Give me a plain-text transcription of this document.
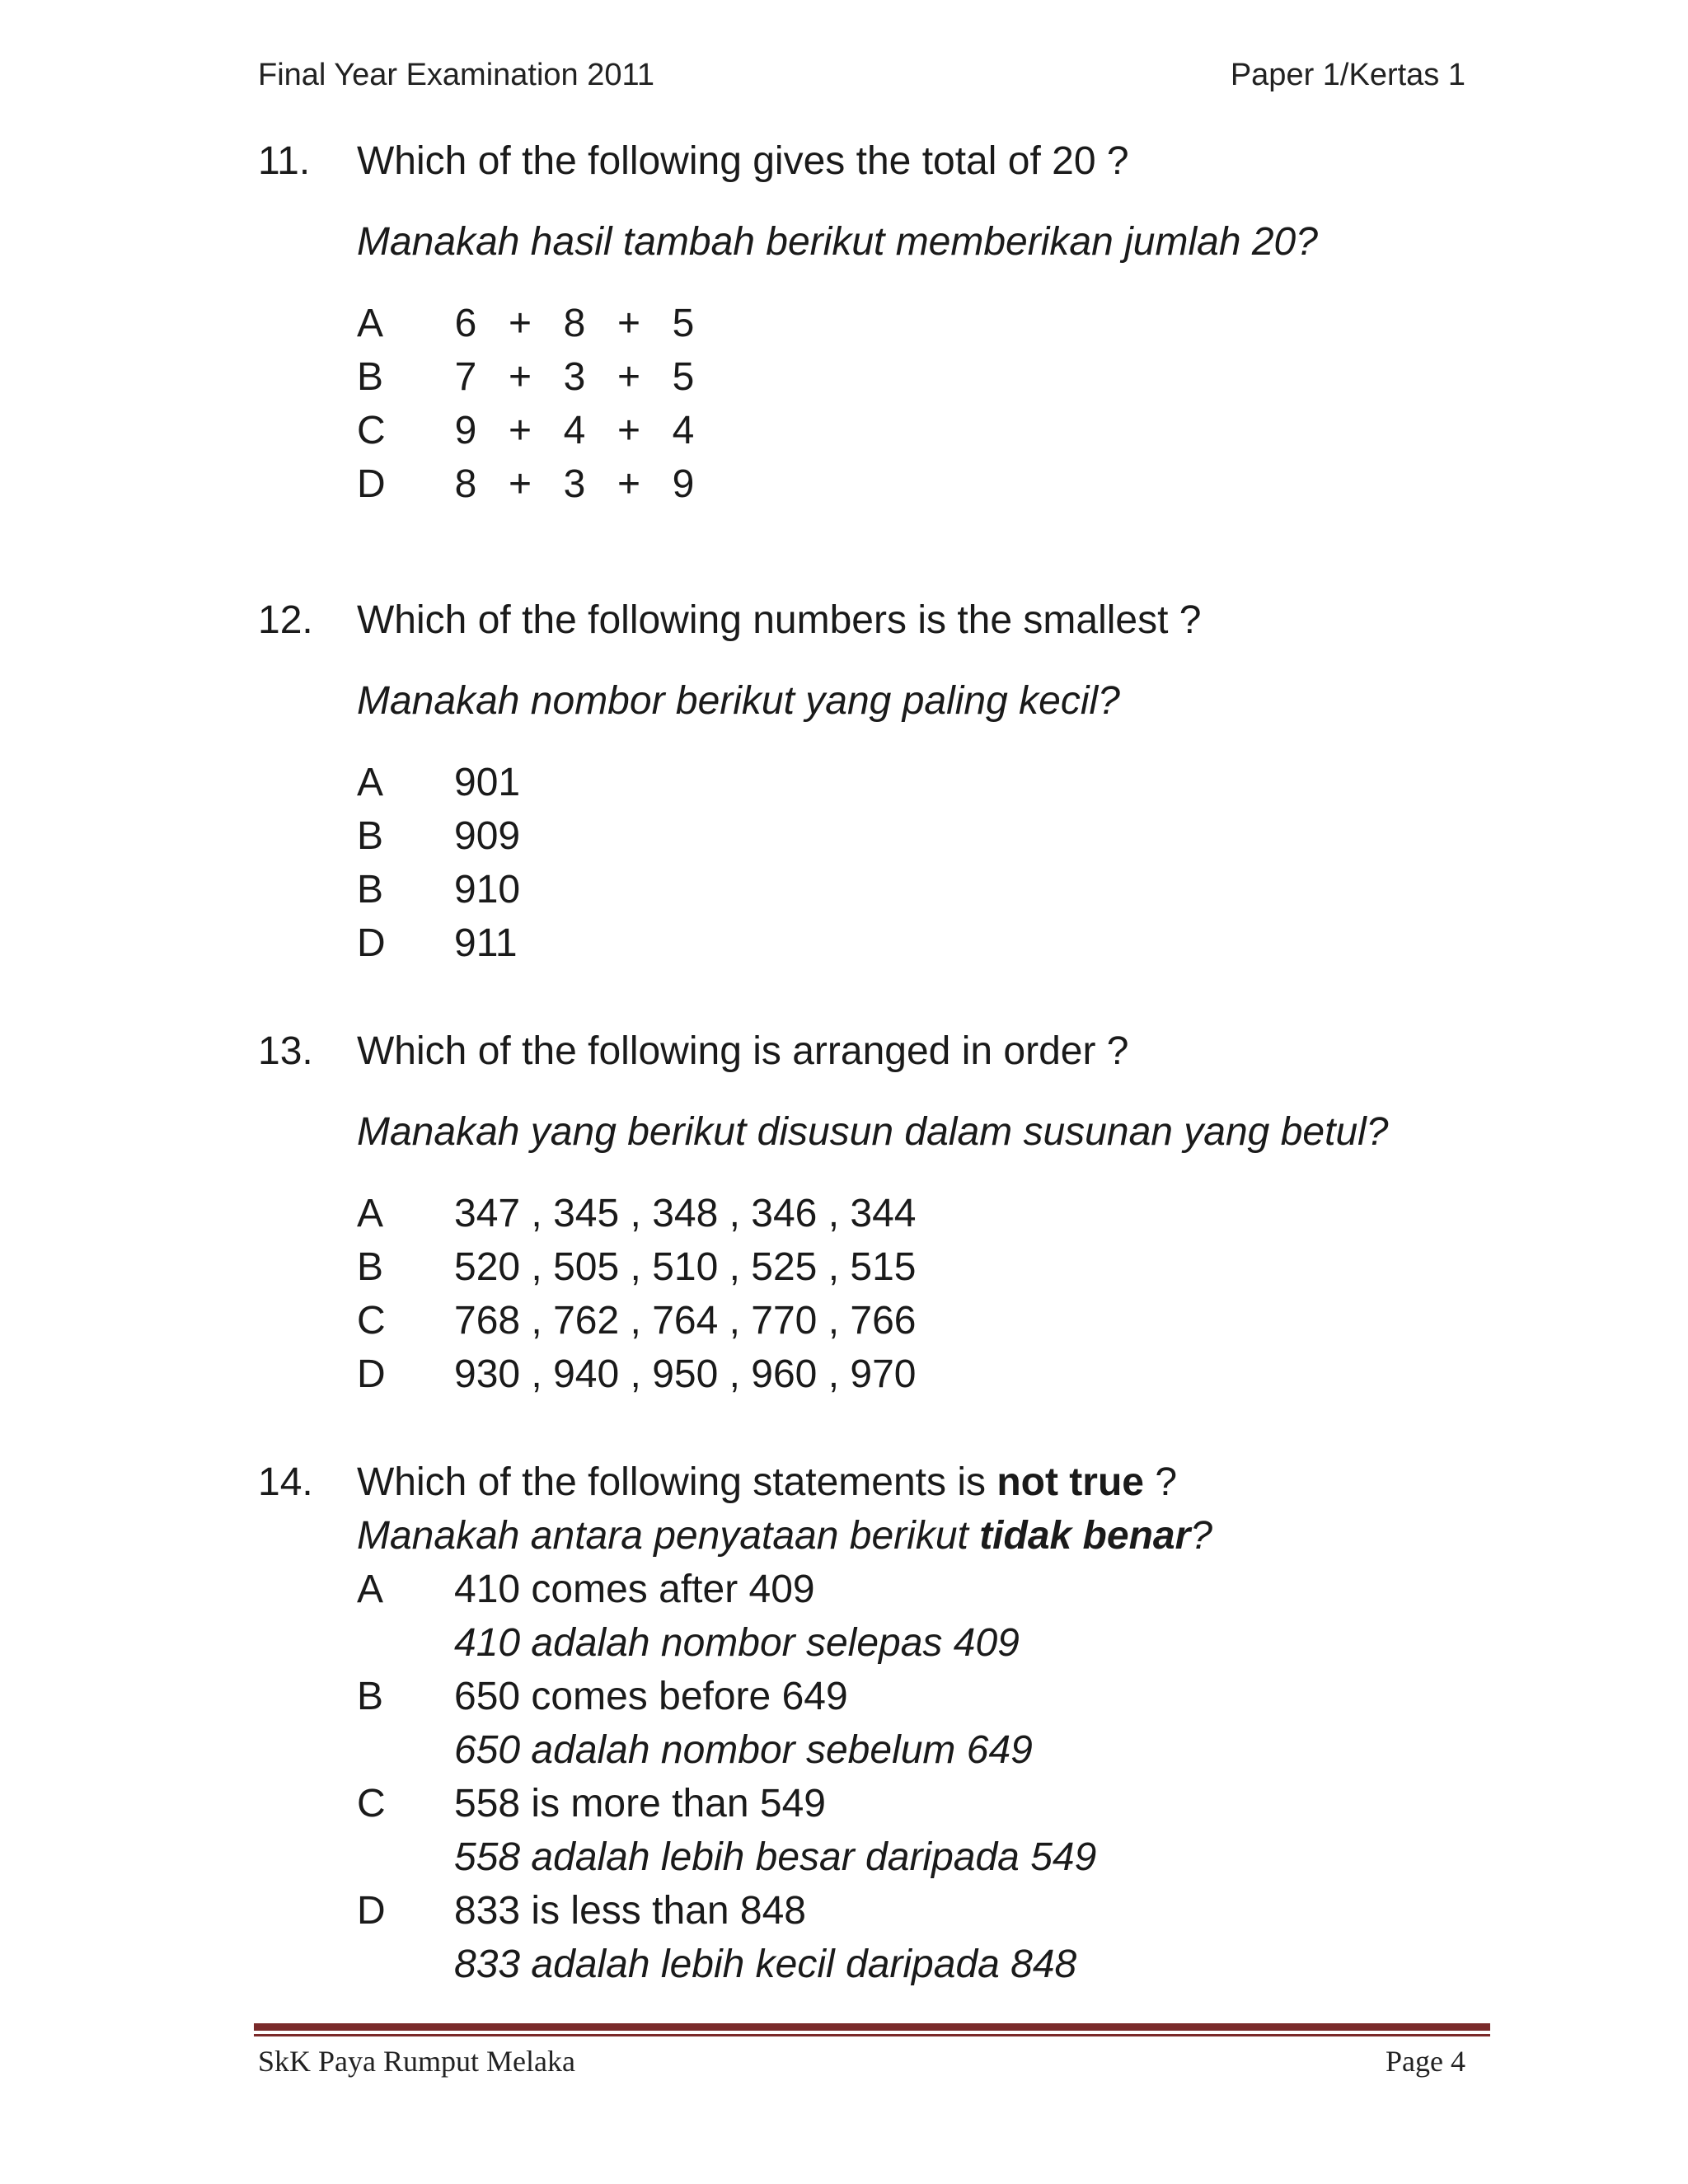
Final Year Examination 2011	Paper 1/Kertas 1
11. Which of the following gives the total of 20 ?
Manakah hasil tambah berikut memberikan jumlah 20?
A 6 + 8 + 5
B 7 + 3 + 5
C 9 + 4 + 4
D 8 + 3 + 9
12. Which of the following numbers is the smallest ?
Manakah nombor berikut yang paling kecil?
A 901
B 909
B 910
D 911
13. Which of the following is arranged in order ?
Manakah yang berikut disusun dalam susunan yang betul?
A 347 , 345 , 348 , 346 , 344
B 520 , 505 , 510 , 525 , 515
C 768 , 762 , 764 , 770 , 766
D 930 , 940 , 950 , 960 , 970
14. Which of the following statements is not true ?
Manakah antara penyataan berikut tidak benar?
A 410 comes after 409
410 adalah nombor selepas 409
B 650 comes before 649
650 adalah nombor sebelum 649
C 558 is more than 549
558 adalah lebih besar daripada 549
D 833 is less than 848
833 adalah lebih kecil daripada 848
SkK Paya Rumput Melaka	Page 4
